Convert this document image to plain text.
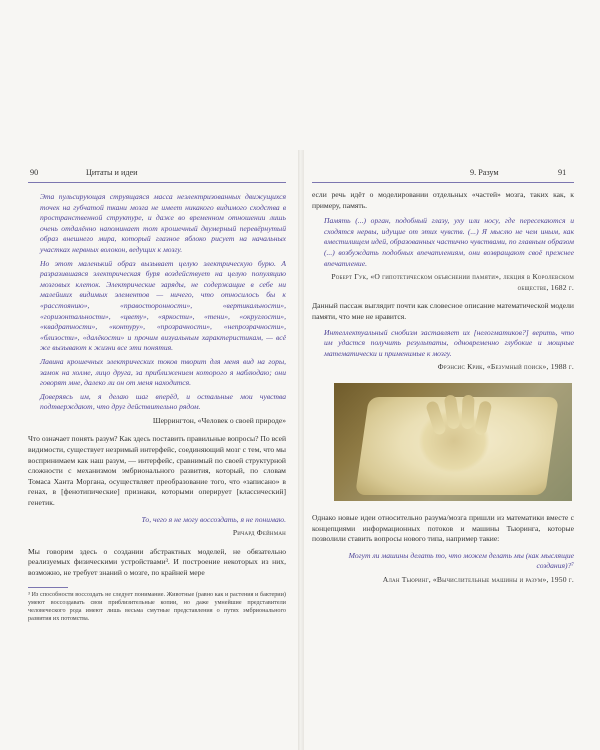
90	Цитаты и идеи

Эта пульсирующая струящаяся масса неэлектризованных движущихся точек на губчатой ткани мозга не имеет никакого видимого сходства в пространственной структуре, и даже во временном отношении лишь очень отдалённо напоминает тот крошечный двумерный перевёрнутый образ внешнего мира, который глазное яблоко рисует на начальных участках нервных волокон, ведущих к мозгу.

Но этот маленький образ вызывает целую электрическую бурю. А разразившаяся электрическая буря воздействует на целую популяцию мозговых клеток. Электрические заряды, не содержащие в себе ни малейших видимых элементов — ничего, что относилось бы к «расстоянию», «правосторонности», «вертикальности», «горизонтальности», «цвету», «яркости», «тени», «округлости», «квадратности», «контуру», «прозрачности», «непрозрачности», «близости», «далёкости» и прочим визуальным характеристикам, — всё же вызывают к жизни все эти понятия.

Лавина крошечных электрических токов творит для меня вид на горы, замок на холме, лицо друга, за приближением которого я наблюдаю; они говорят мне, далеко ли он от меня находится.

Доверяясь им, я делаю шаг вперёд, и остальные мои чувства подтверждают, что друг действительно рядом.

Шеррингтон, «Человек о своей природе»
Что означает понять разум? Как здесь поставить правильные вопросы? По всей видимости, существует незримый интерфейс, соединяющий мозг с тем, что мы воспринимаем как наш разум, — интерфейс, сравнимый по своей структурной сложности с механизмом эмбрионального развития, который, по словам Томаса Ханта Моргана, осуществляет преобразование того, что «записано» в генах, в [фенотипические] признаки, которыми оперирует [классический] генетик.
То, чего я не могу воссоздать, я не понимаю.
Ричард Фейнман
Мы говорим здесь о создании абстрактных моделей, не обязательно реализуемых физическими устройствами³. И построение некоторых из них, возможно, не требует знаний о мозге, по крайней мере
³ Из способности воссоздать не следует понимание. Животные (равно как и растения и бактерии) умеют воссоздавать свои приблизительные копии, но даже умнейшие представители человеческого рода имеют лишь весьма смутные представления о путях эмбрионального развития их потомства.
9. Разум	91
если речь идёт о моделировании отдельных «частей» мозга, таких как, к примеру, память.
Память (...) орган, подобный глазу, уху или носу, где пересекаются и сходятся нервы, идущие от этих чувств. (...) Я мыслю не чем иным, как вместилищем идей, образованных частично чувствами, по главным образом (...) возбуждать подобных впечатлениям, они возвращают своё прежнее впечатление.
Роберт Гук, «О гипотетическом объяснении памяти», лекция в Королевском обществе, 1682 г.
Данный пассаж выглядит почти как словесное описание математической модели памяти, что мне не нравится.
Интеллектуальный снобизм заставляет их [нелогматиков?] верить, что им удастся получить результаты, одновременно глубокие и мощные математически и применимые к мозгу.
Фрэнсис Крик, «Безумный поиск», 1988 г.
Однако новые идеи относительно разума/мозга пришли из математики вместе с концепциями информационных потоков и машины Тьюринга, которые позволили ставить вопросы нового типа, например такие:
Могут ли машины делать то, что можем делать мы (как мыслящие создания)?⁷
Алан Тьюринг, «Вычислительные машины и разум», 1950 г.
